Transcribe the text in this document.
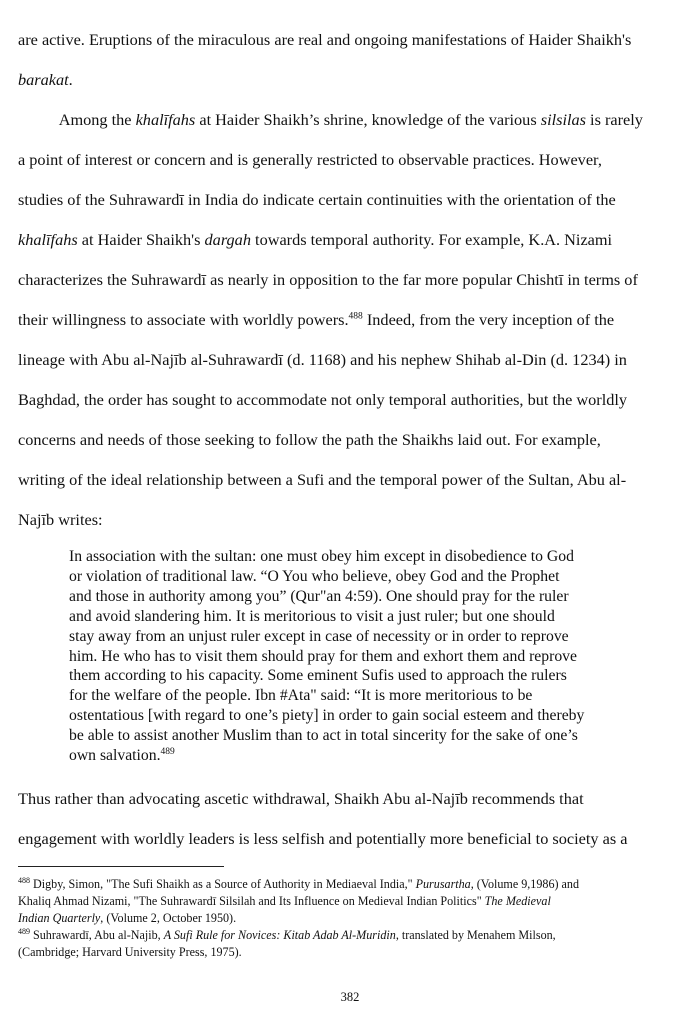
are active. Eruptions of the miraculous are real and ongoing manifestations of Haider Shaikh's
barakat.
Among the khalīfahs at Haider Shaikh’s shrine, knowledge of the various silsilas is rarely
a point of interest or concern and is generally restricted to observable practices. However,
studies of the Suhrawardī in India do indicate certain continuities with the orientation of the
khalīfahs at Haider Shaikh's dargah towards temporal authority. For example, K.A. Nizami
characterizes the Suhrawardī as nearly in opposition to the far more popular Chishtī in terms of
their willingness to associate with worldly powers.$^{488}$ Indeed, from the very inception of the
lineage with Abu al-Najīb al-Suhrawardī (d. 1168) and his nephew Shihab al-Din (d. 1234) in
Baghdad, the order has sought to accommodate not only temporal authorities, but the worldly
concerns and needs of those seeking to follow the path the Shaikhs laid out. For example,
writing of the ideal relationship between a Sufi and the temporal power of the Sultan, Abu al-
Najīb writes:
In association with the sultan: one must obey him except in disobedience to God
or violation of traditional law. “O You who believe, obey God and the Prophet
and those in authority among you” (Qur"an 4:59). One should pray for the ruler
and avoid slandering him. It is meritorious to visit a just ruler; but one should
stay away from an unjust ruler except in case of necessity or in order to reprove
him. He who has to visit them should pray for them and exhort them and reprove
them according to his capacity. Some eminent Sufis used to approach the rulers
for the welfare of the people. Ibn #Ata" said: “It is more meritorious to be
ostentatious [with regard to one’s piety] in order to gain social esteem and thereby
be able to assist another Muslim than to act in total sincerity for the sake of one’s
own salvation.$^{489}$
Thus rather than advocating ascetic withdrawal, Shaikh Abu al-Najīb recommends that
engagement with worldly leaders is less selfish and potentially more beneficial to society as a
$^{488}$ Digby, Simon, "The Sufi Shaikh as a Source of Authority in Mediaeval India," Purusartha, (Volume 9,1986) and
Khaliq Ahmad Nizami, "The Suhrawardī Silsilah and Its Influence on Medieval Indian Politics" The Medieval
Indian Quarterly, (Volume 2, October 1950).
$^{489}$ Suhrawardī, Abu al-Najib, A Sufi Rule for Novices: Kitab Adab Al-Muridin, translated by Menahem Milson,
(Cambridge; Harvard University Press, 1975).
382
